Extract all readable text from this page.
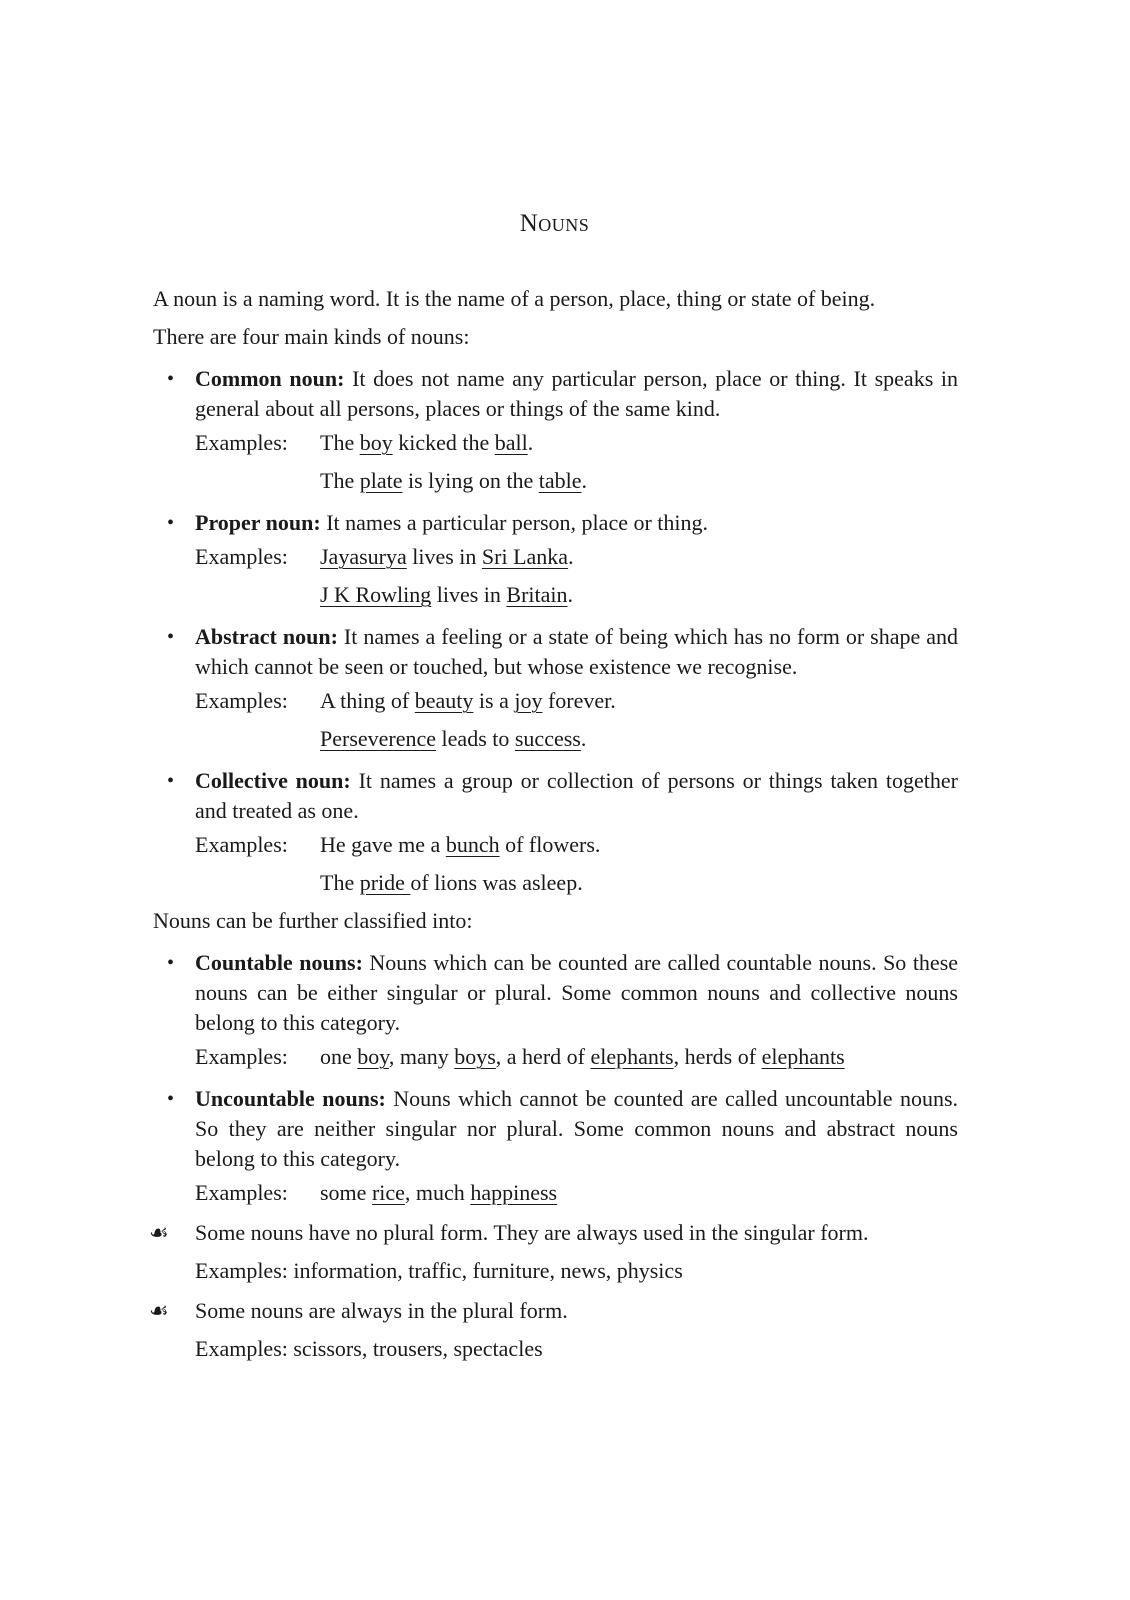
Nouns

A noun is a naming word. It is the name of a person, place, thing or state of being.

There are four main kinds of nouns:

• Common noun: It does not name any particular person, place or thing. It speaks in general about all persons, places or things of the same kind.
Examples:	The boy kicked the ball.
The plate is lying on the table.
• Proper noun: It names a particular person, place or thing.
Examples:	Jayasurya lives in Sri Lanka.
J K Rowling lives in Britain.
• Abstract noun: It names a feeling or a state of being which has no form or shape and which cannot be seen or touched, but whose existence we recognise.
Examples:	A thing of beauty is a joy forever.
Perseverence leads to success.
• Collective noun: It names a group or collection of persons or things taken together and treated as one.
Examples:	He gave me a bunch of flowers.
The pride of lions was asleep.

Nouns can be further classified into:

• Countable nouns: Nouns which can be counted are called countable nouns. So these nouns can be either singular or plural. Some common nouns and collective nouns belong to this category.
Examples:	one boy, many boys, a herd of elephants, herds of elephants
• Uncountable nouns: Nouns which cannot be counted are called uncountable nouns. So they are neither singular nor plural. Some common nouns and abstract nouns belong to this category.
Examples:	some rice, much happiness
☙ Some nouns have no plural form. They are always used in the singular form.
Examples: information, traffic, furniture, news, physics
☙ Some nouns are always in the plural form.
Examples: scissors, trousers, spectacles
